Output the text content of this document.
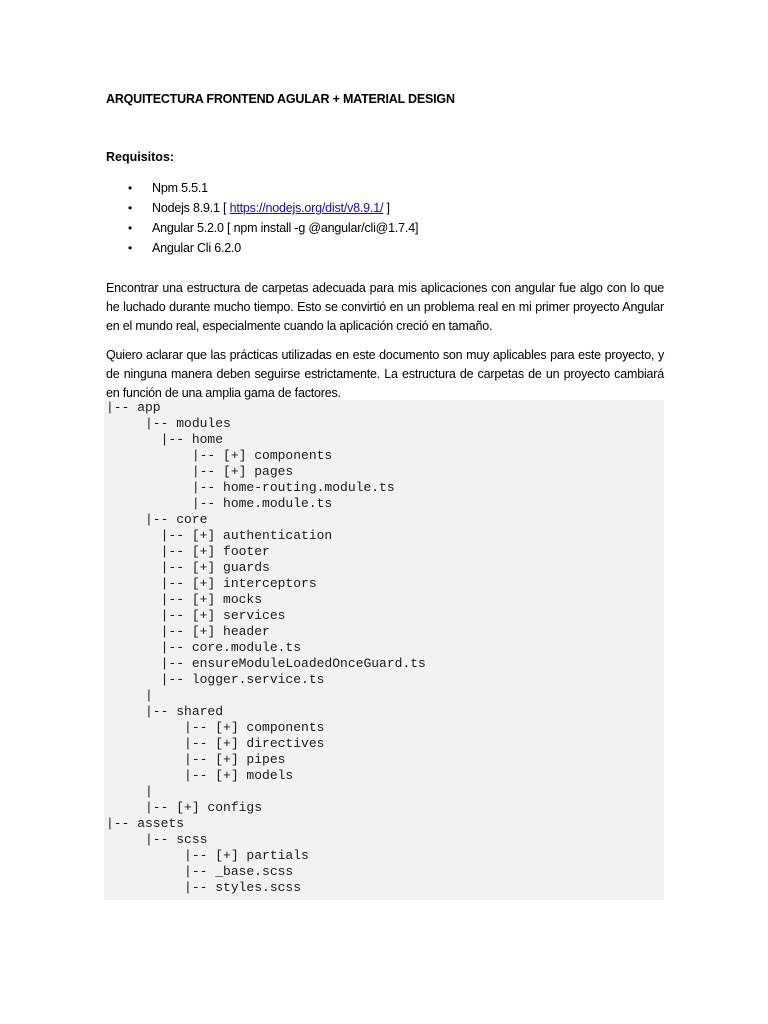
ARQUITECTURA FRONTEND AGULAR + MATERIAL DESIGN
Requisitos:
• Npm 5.5.1
• Nodejs 8.9.1 [ https://nodejs.org/dist/v8.9.1/ ]
• Angular 5.2.0 [ npm install -g @angular/cli@1.7.4]
• Angular Cli 6.2.0

Encontrar una estructura de carpetas adecuada para mis aplicaciones con angular fue algo con lo que he luchado durante mucho tiempo. Esto se convirtió en un problema real en mi primer proyecto Angular en el mundo real, especialmente cuando la aplicación creció en tamaño.

Quiero aclarar que las prácticas utilizadas en este documento son muy aplicables para este proyecto, y de ninguna manera deben seguirse estrictamente. La estructura de carpetas de un proyecto cambiará en función de una amplia gama de factores.

|-- app
|-- modules
|-- home
|-- [+] components
|-- [+] pages
|-- home-routing.module.ts
|-- home.module.ts
|-- core
|-- [+] authentication
|-- [+] footer
|-- [+] guards
|-- [+] interceptors
|-- [+] mocks
|-- [+] services
|-- [+] header
|-- core.module.ts
|-- ensureModuleLoadedOnceGuard.ts
|-- logger.service.ts
|
|-- shared
|-- [+] components
|-- [+] directives
|-- [+] pipes
|-- [+] models
|
|-- [+] configs
|-- assets
|-- scss
|-- [+] partials
|-- _base.scss
|-- styles.scss
